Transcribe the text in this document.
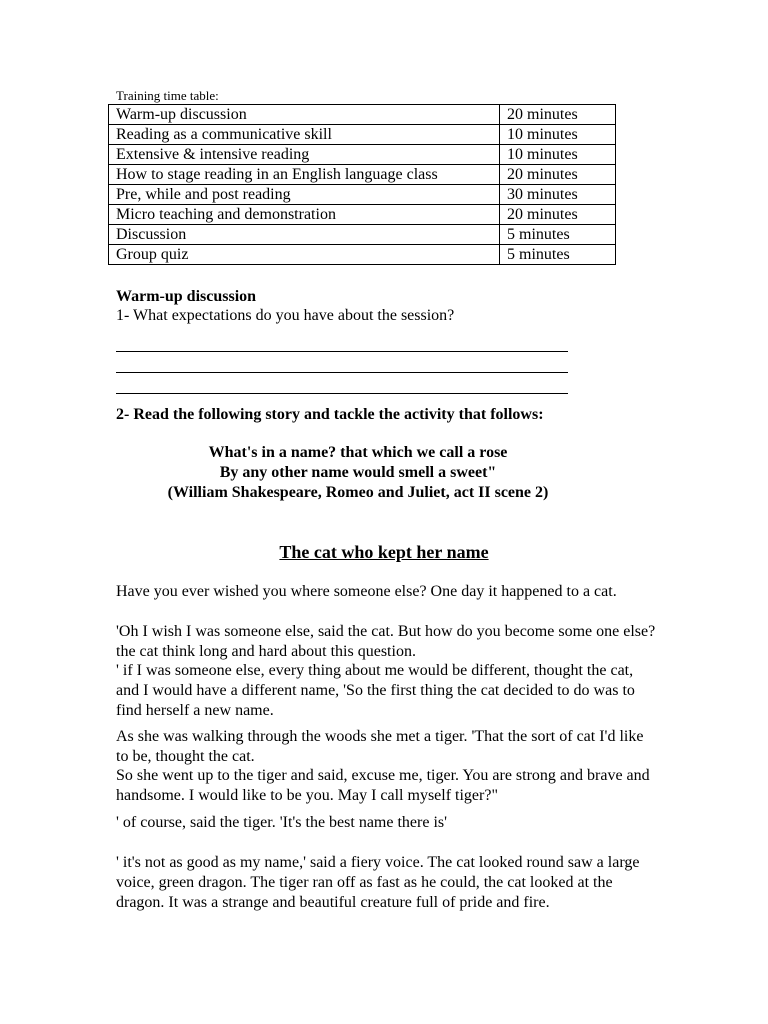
Training time table:
Warm-up discussion	20 minutes
Reading as a communicative skill	10 minutes
Extensive & intensive reading	10 minutes
How to stage reading in an English language class	20 minutes
Pre, while and post reading	30 minutes
Micro teaching and demonstration	20 minutes
Discussion	5 minutes
Group quiz	5 minutes
Warm-up discussion
1- What expectations do you have about the session?
2- Read the following story and tackle the activity that follows:
What's in a name? that which we call a rose
By any other name would smell a sweet"
(William Shakespeare, Romeo and Juliet, act II scene 2)
The cat who kept her name

Have you ever wished you where someone else? One day it happened to a cat.

'Oh I wish I was someone else, said the cat. But how do you become some one else? the cat think long and hard about this question.

' if I was someone else, every thing about me would be different, thought the cat, and I would have a different name, 'So the first thing the cat decided to do was to find herself a new name.

As she was walking through the woods she met a tiger. 'That the sort of cat I'd like to be, thought the cat.

So she went up to the tiger and said, excuse me, tiger. You are strong and brave and handsome. I would like to be you. May I call myself tiger?"

' of course, said the tiger. 'It's the best name there is'

' it's not as good as my name,' said a fiery voice. The cat looked round saw a large voice, green dragon. The tiger ran off as fast as he could, the cat looked at the dragon. It was a strange and beautiful creature full of pride and fire.
